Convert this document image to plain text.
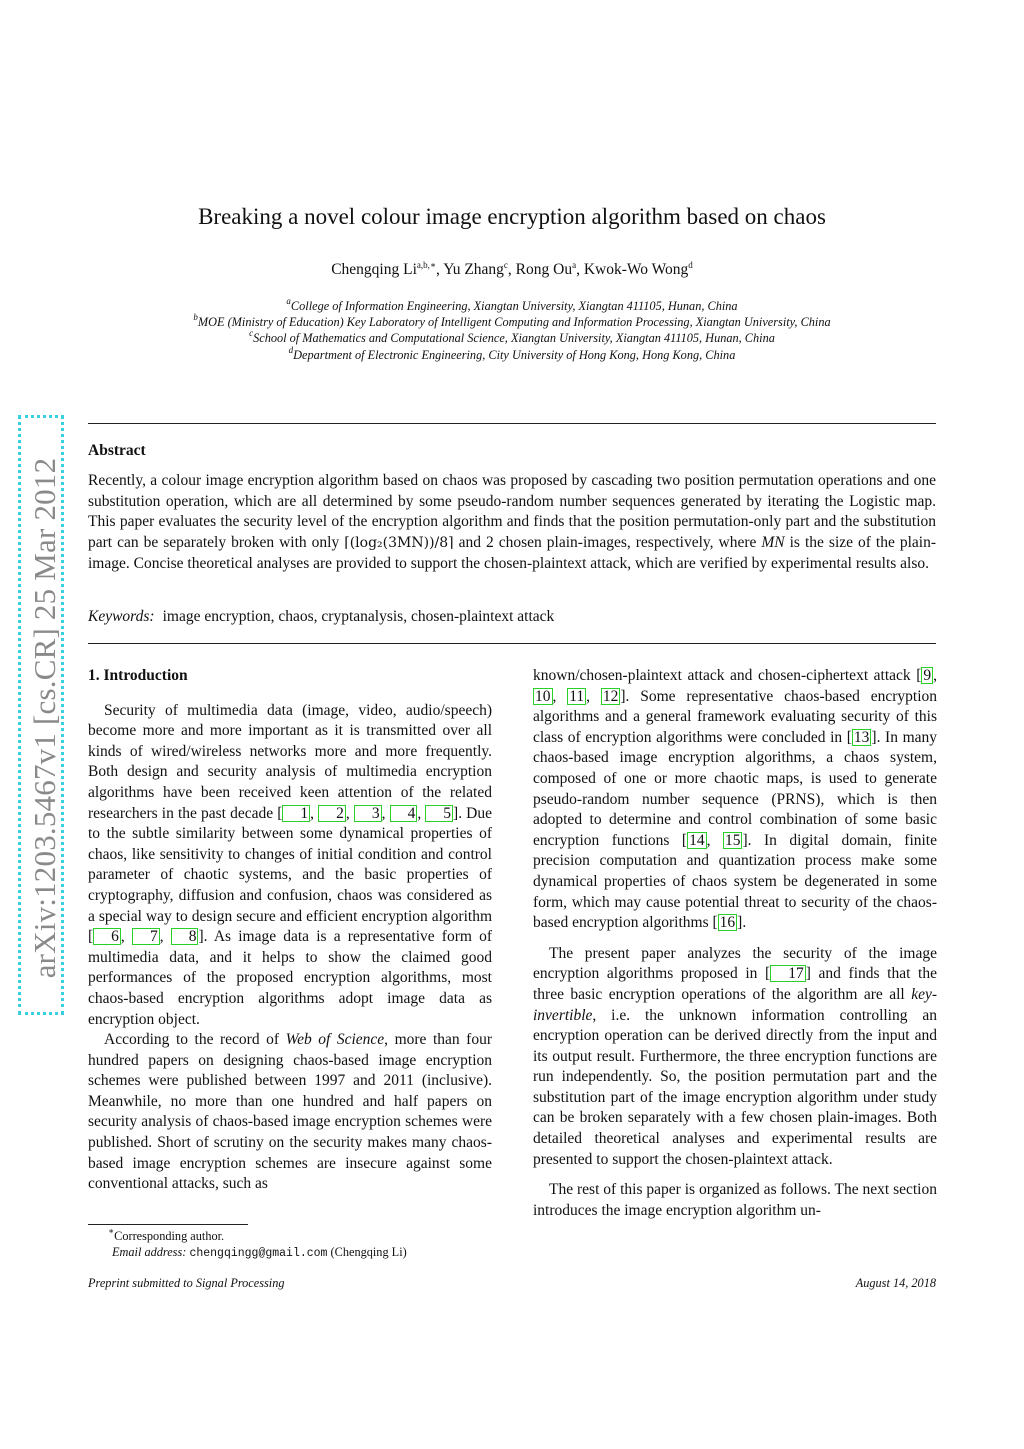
arXiv:1203.5467v1 [cs.CR] 25 Mar 2012
Breaking a novel colour image encryption algorithm based on chaos
Chengqing $Li^{a,b,∗}$, Yu Zhang$^c$, Rong Ou$^a$, Kwok-Wo Wong$^d$
$^a$College of Information Engineering, Xiangtan University, Xiangtan 411105, Hunan, China
$^b$MOE (Ministry of Education) Key Laboratory of Intelligent Computing and Information Processing, Xiangtan University, China
$^c$School of Mathematics and Computational Science, Xiangtan University, Xiangtan 411105, Hunan, China
$^d$Department of Electronic Engineering, City University of Hong Kong, Hong Kong, China
Abstract
Recently, a colour image encryption algorithm based on chaos was proposed by cascading two position permutation operations and one substitution operation, which are all determined by some pseudo-random number sequences generated by iterating the Logistic map. This paper evaluates the security level of the encryption algorithm and finds that the position permutation-only part and the substitution part can be separately broken with only ⌈(log₂(3MN))/8⌉ and 2 chosen plain-images, respectively, where MN is the size of the plain-image. Concise theoretical analyses are provided to support the chosen-plaintext attack, which are verified by experimental results also.
Keywords: image encryption, chaos, cryptanalysis, chosen-plaintext attack
1. Introduction

Security of multimedia data (image, video, audio/speech) become more and more important as it is transmitted over all kinds of wired/wireless networks more and more frequently. Both design and security analysis of multimedia encryption algorithms have been received keen attention of the related researchers in the past decade [ 1 , 2 , 3 , 4 , 5 ]. Due to the subtle similarity between some dynamical properties of chaos, like sensitivity to changes of initial condition and control parameter of chaotic systems, and the basic properties of cryptography, diffusion and confusion, chaos was considered as a special way to design secure and efficient encryption algorithm [ 6 , 7 , 8 ]. As image data is a representative form of multimedia data, and it helps to show the claimed good performances of the proposed encryption algorithms, most chaos-based encryption algorithms adopt image data as encryption object.

According to the record of Web of Science, more than four hundred papers on designing chaos-based image encryption schemes were published between 1997 and 2011 (inclusive). Meanwhile, no more than one hundred and half papers on security analysis of chaos-based image encryption schemes were published. Short of scrutiny on the security makes many chaos-based image encryption schemes are insecure against some conventional attacks, such as

known/chosen-plaintext attack and chosen-ciphertext attack [ 9 , 10 , 11 , 12 ]. Some representative chaos-based encryption algorithms and a general framework evaluating security of this class of encryption algorithms were concluded in [ 13 ]. In many chaos-based image encryption algorithms, a chaos system, composed of one or more chaotic maps, is used to generate pseudo-random number sequence (PRNS), which is then adopted to determine and control combination of some basic encryption functions [ 14 , 15 ]. In digital domain, finite precision computation and quantization process make some dynamical properties of chaos system be degenerated in some form, which may cause potential threat to security of the chaos-based encryption algorithms [ 16 ].

The present paper analyzes the security of the image encryption algorithms proposed in [ 17 ] and finds that the three basic encryption operations of the algorithm are all key-invertible, i.e. the unknown information controlling an encryption operation can be derived directly from the input and its output result. Furthermore, the three encryption functions are run independently. So, the position permutation part and the substitution part of the image encryption algorithm under study can be broken separately with a few chosen plain-images. Both detailed theoretical analyses and experimental results are presented to support the chosen-plaintext attack.

The rest of this paper is organized as follows. The next section introduces the image encryption algorithm un-

∗Corresponding author.
Email address: chengqingg@gmail.com (Chengqing Li)
Preprint submitted to Signal Processing	August 14, 2018
